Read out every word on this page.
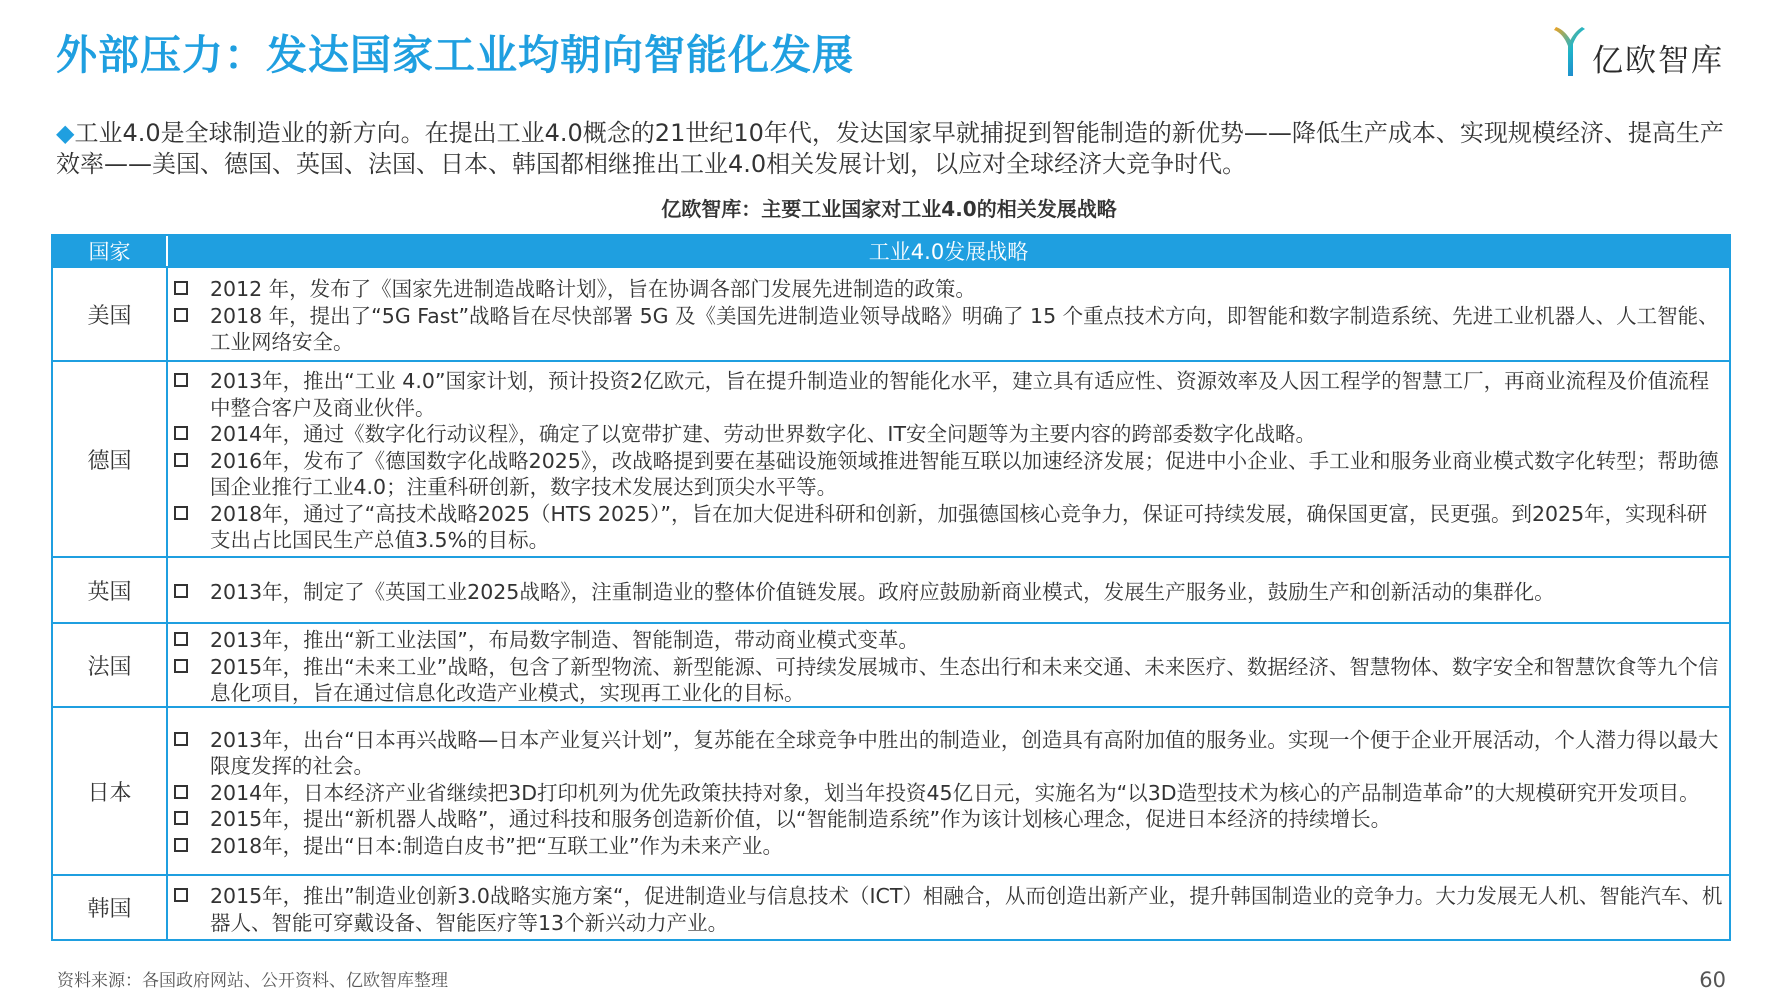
外部压力：发达国家工业均朝向智能化发展	亿欧智库
◆工业4.0是全球制造业的新方向。在提出工业4.0概念的21世纪10年代，发达国家早就捕捉到智能制造的新优势——降低生产成本、实现规模经济、提高生产效率——美国、德国、英国、法国、日本、韩国都相继推出工业4.0相关发展计划，以应对全球经济大竞争时代。
亿欧智库：主要工业国家对工业4.0的相关发展战略
国家	工业4.0发展战略
美国
2012 年，发布了《国家先进制造战略计划》，旨在协调各部门发展先进制造的政策。
2018 年，提出了“5G Fast”战略旨在尽快部署 5G 及《美国先进制造业领导战略》明确了 15 个重点技术方向，即智能和数字制造系统、先进工业机器人、人工智能、工业网络安全。
德国
2013年，推出“工业 4.0”国家计划，预计投资2亿欧元，旨在提升制造业的智能化水平，建立具有适应性、资源效率及人因工程学的智慧工厂，再商业流程及价值流程中整合客户及商业伙伴。
2014年，通过《数字化行动议程》，确定了以宽带扩建、劳动世界数字化、IT安全问题等为主要内容的跨部委数字化战略。
2016年，发布了《德国数字化战略2025》，改战略提到要在基础设施领域推进智能互联以加速经济发展；促进中小企业、手工业和服务业商业模式数字化转型；帮助德国企业推行工业4.0；注重科研创新，数字技术发展达到顶尖水平等。
2018年，通过了“高技术战略2025（HTS 2025）”，旨在加大促进科研和创新，加强德国核心竞争力，保证可持续发展，确保国更富，民更强。到2025年，实现科研支出占比国民生产总值3.5%的目标。
英国	2013年，制定了《英国工业2025战略》，注重制造业的整体价值链发展。政府应鼓励新商业模式，发展生产服务业，鼓励生产和创新活动的集群化。
法国
2013年，推出“新工业法国”，布局数字制造、智能制造，带动商业模式变革。
2015年，推出“未来工业”战略，包含了新型物流、新型能源、可持续发展城市、生态出行和未来交通、未来医疗、数据经济、智慧物体、数字安全和智慧饮食等九个信息化项目，旨在通过信息化改造产业模式，实现再工业化的目标。
日本
2013年，出台“日本再兴战略—日本产业复兴计划”，复苏能在全球竞争中胜出的制造业，创造具有高附加值的服务业。实现一个便于企业开展活动，个人潜力得以最大限度发挥的社会。
2014年，日本经济产业省继续把3D打印机列为优先政策扶持对象，划当年投资45亿日元，实施名为“以3D造型技术为核心的产品制造革命”的大规模研究开发项目。
2015年，提出“新机器人战略”，通过科技和服务创造新价值，以“智能制造系统”作为该计划核心理念，促进日本经济的持续增长。
2018年，提出“日本:制造白皮书”把“互联工业”作为未来产业。
韩国
2015年，推出”制造业创新3.0战略实施方案“，促进制造业与信息技术（ICT）相融合，从而创造出新产业，提升韩国制造业的竞争力。大力发展无人机、智能汽车、机器人、智能可穿戴设备、智能医疗等13个新兴动力产业。
资料来源：各国政府网站、公开资料、亿欧智库整理	60
